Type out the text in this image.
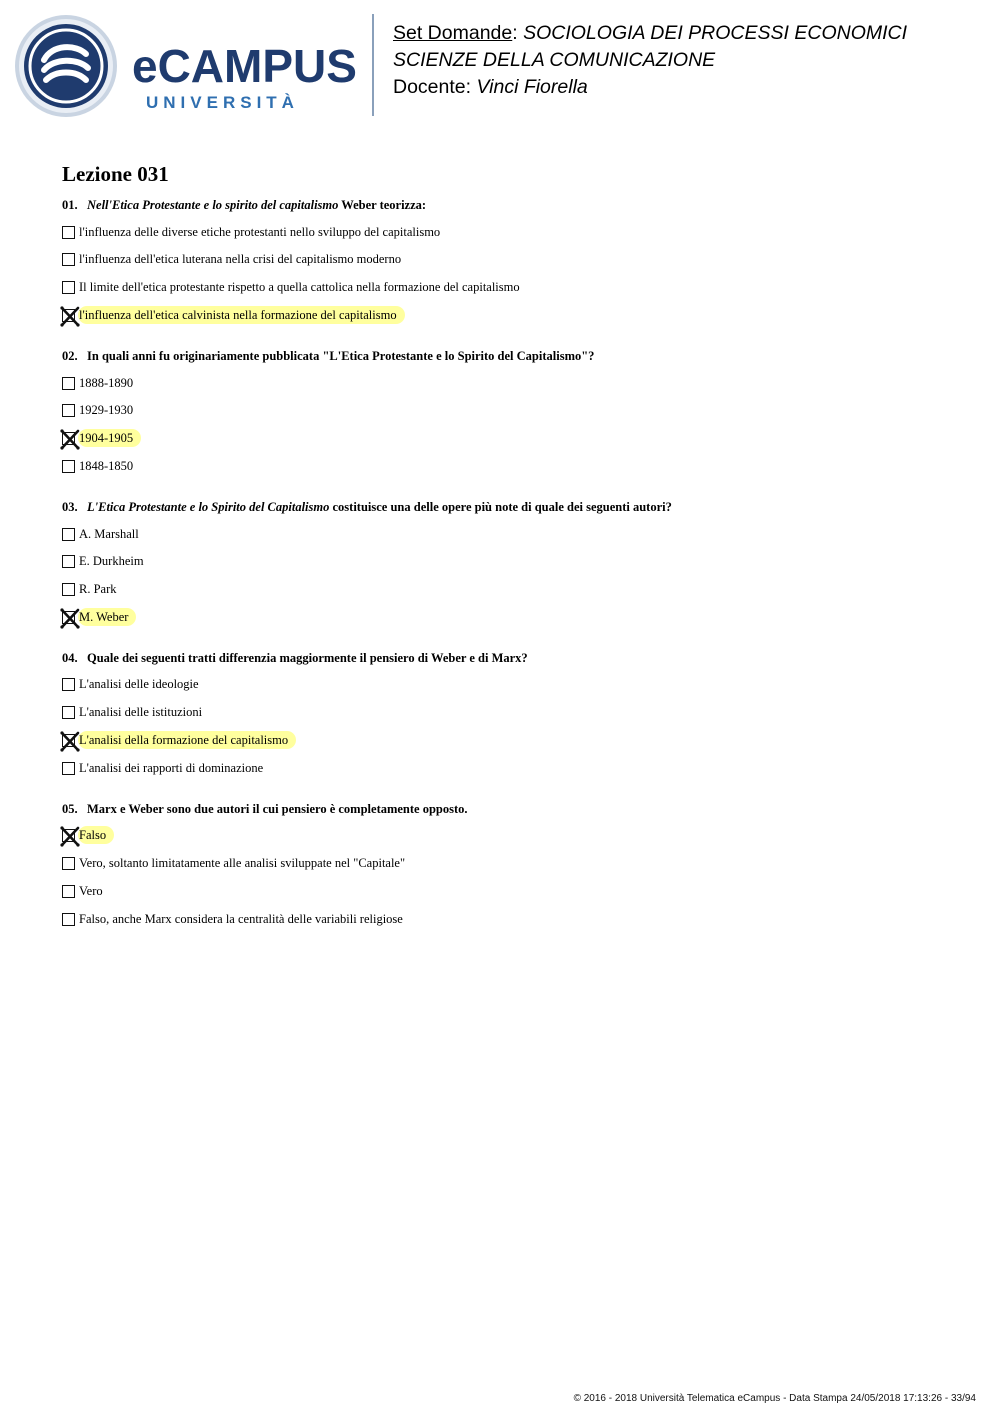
eCAMPUS
UNIVERSITÀ
Set Domande: SOCIOLOGIA DEI PROCESSI ECONOMICI
SCIENZE DELLA COMUNICAZIONE
Docente: Vinci Fiorella
Lezione 031
01. Nell'Etica Protestante e lo spirito del capitalismo Weber teorizza:
l'influenza delle diverse etiche protestanti nello sviluppo del capitalismo
l'influenza dell'etica luterana nella crisi del capitalismo moderno
Il limite dell'etica protestante rispetto a quella cattolica nella formazione del capitalismo
l'influenza dell'etica calvinista nella formazione del capitalismo
02. In quali anni fu originariamente pubblicata "L'Etica Protestante e lo Spirito del Capitalismo"?
1888-1890
1929-1930
1904-1905
1848-1850
03. L'Etica Protestante e lo Spirito del Capitalismo costituisce una delle opere più note di quale dei seguenti autori?
A. Marshall
E. Durkheim
R. Park
M. Weber
04. Quale dei seguenti tratti differenzia maggiormente il pensiero di Weber e di Marx?
L'analisi delle ideologie
L'analisi delle istituzioni
L'analisi della formazione del capitalismo
L'analisi dei rapporti di dominazione
05. Marx e Weber sono due autori il cui pensiero è completamente opposto.
Falso
Vero, soltanto limitatamente alle analisi sviluppate nel "Capitale"
Vero
Falso, anche Marx considera la centralità delle variabili religiose
© 2016 - 2018 Università Telematica eCampus - Data Stampa 24/05/2018 17:13:26 - 33/94
